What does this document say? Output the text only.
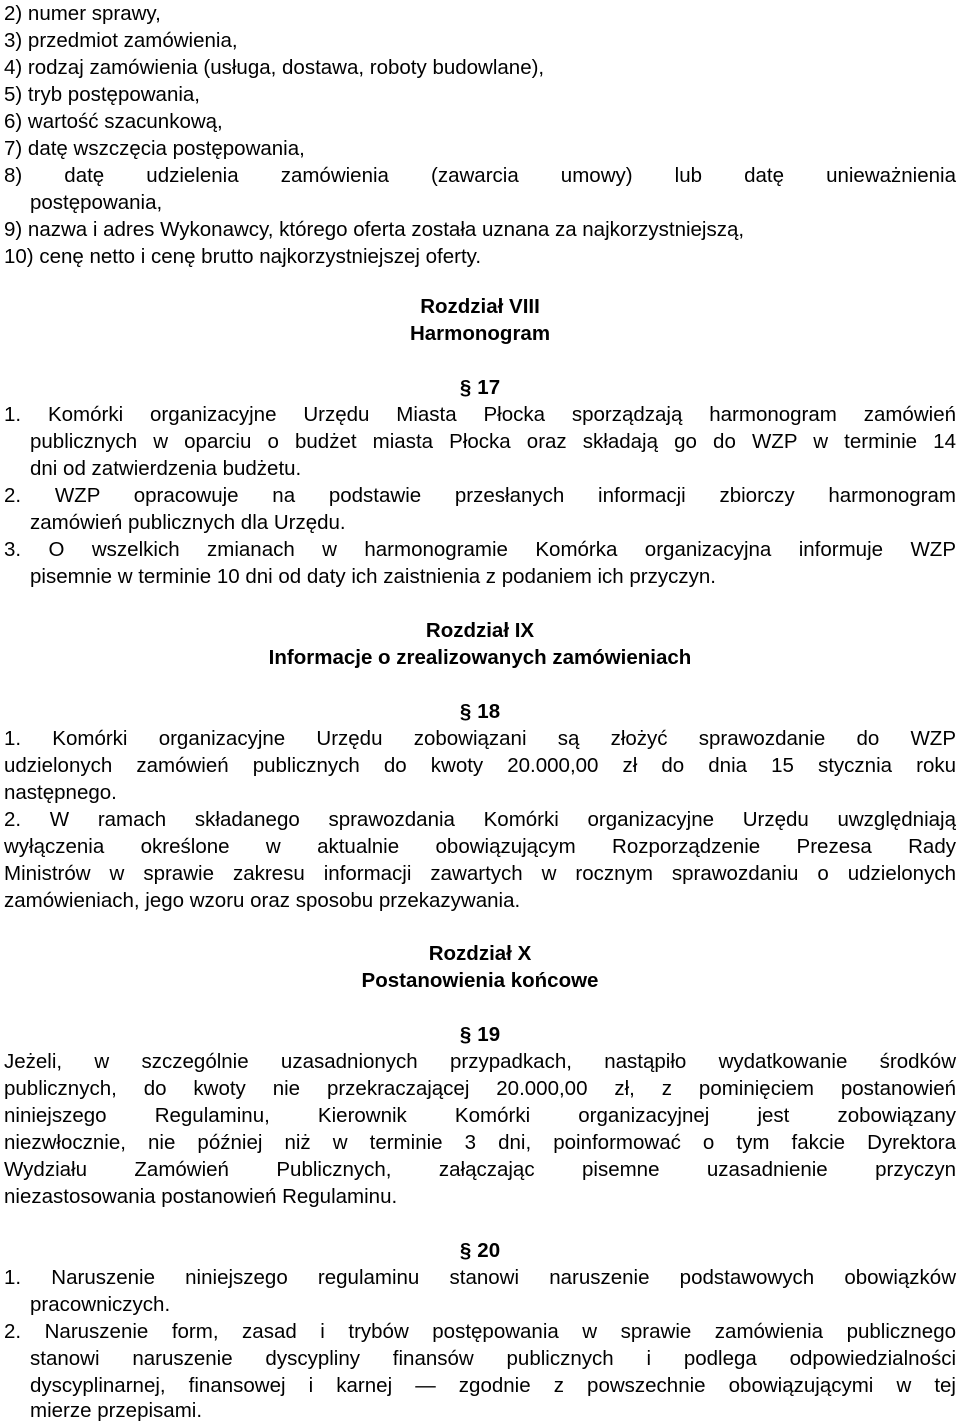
2) numer sprawy,
3) przedmiot zamówienia,
4) rodzaj zamówienia (usługa, dostawa, roboty budowlane),
5) tryb postępowania,
6) wartość szacunkową,
7) datę wszczęcia postępowania,
8) datę udzielenia zamówienia (zawarcia umowy) lub datę unieważnienia
postępowania,
9) nazwa i adres Wykonawcy, którego oferta została uznana za najkorzystniejszą,
10) cenę netto i cenę brutto najkorzystniejszej oferty.
Rozdział VIII
Harmonogram
§ 17
1. Komórki organizacyjne Urzędu Miasta Płocka sporządzają harmonogram zamówień
publicznych w oparciu o budżet miasta Płocka oraz składają go do WZP w terminie 14
dni od zatwierdzenia budżetu.
2. WZP opracowuje na podstawie przesłanych informacji zbiorczy harmonogram
zamówień publicznych dla Urzędu.
3. O wszelkich zmianach w harmonogramie Komórka organizacyjna informuje WZP
pisemnie w terminie 10 dni od daty ich zaistnienia z podaniem ich przyczyn.
Rozdział IX
Informacje o zrealizowanych zamówieniach
§ 18
1. Komórki organizacyjne Urzędu zobowiązani są złożyć sprawozdanie do WZP
udzielonych zamówień publicznych do kwoty 20.000,00 zł do dnia 15 stycznia roku
następnego.
2. W ramach składanego sprawozdania Komórki organizacyjne Urzędu uwzględniają
wyłączenia określone w aktualnie obowiązującym Rozporządzenie Prezesa Rady
Ministrów w sprawie zakresu informacji zawartych w rocznym sprawozdaniu o udzielonych
zamówieniach, jego wzoru oraz sposobu przekazywania.
Rozdział X
Postanowienia końcowe
§ 19
Jeżeli, w szczególnie uzasadnionych przypadkach, nastąpiło wydatkowanie środków
publicznych, do kwoty nie przekraczającej 20.000,00 zł, z pominięciem postanowień
niniejszego Regulaminu, Kierownik Komórki organizacyjnej jest zobowiązany
niezwłocznie, nie później niż w terminie 3 dni, poinformować o tym fakcie Dyrektora
Wydziału Zamówień Publicznych, załączając pisemne uzasadnienie przyczyn
niezastosowania postanowień Regulaminu.
§ 20
1. Naruszenie niniejszego regulaminu stanowi naruszenie podstawowych obowiązków
pracowniczych.
2. Naruszenie form, zasad i trybów postępowania w sprawie zamówienia publicznego
stanowi naruszenie dyscypliny finansów publicznych i podlega odpowiedzialności
dyscyplinarnej, finansowej i karnej — zgodnie z powszechnie obowiązującymi w tej
mierze przepisami.
